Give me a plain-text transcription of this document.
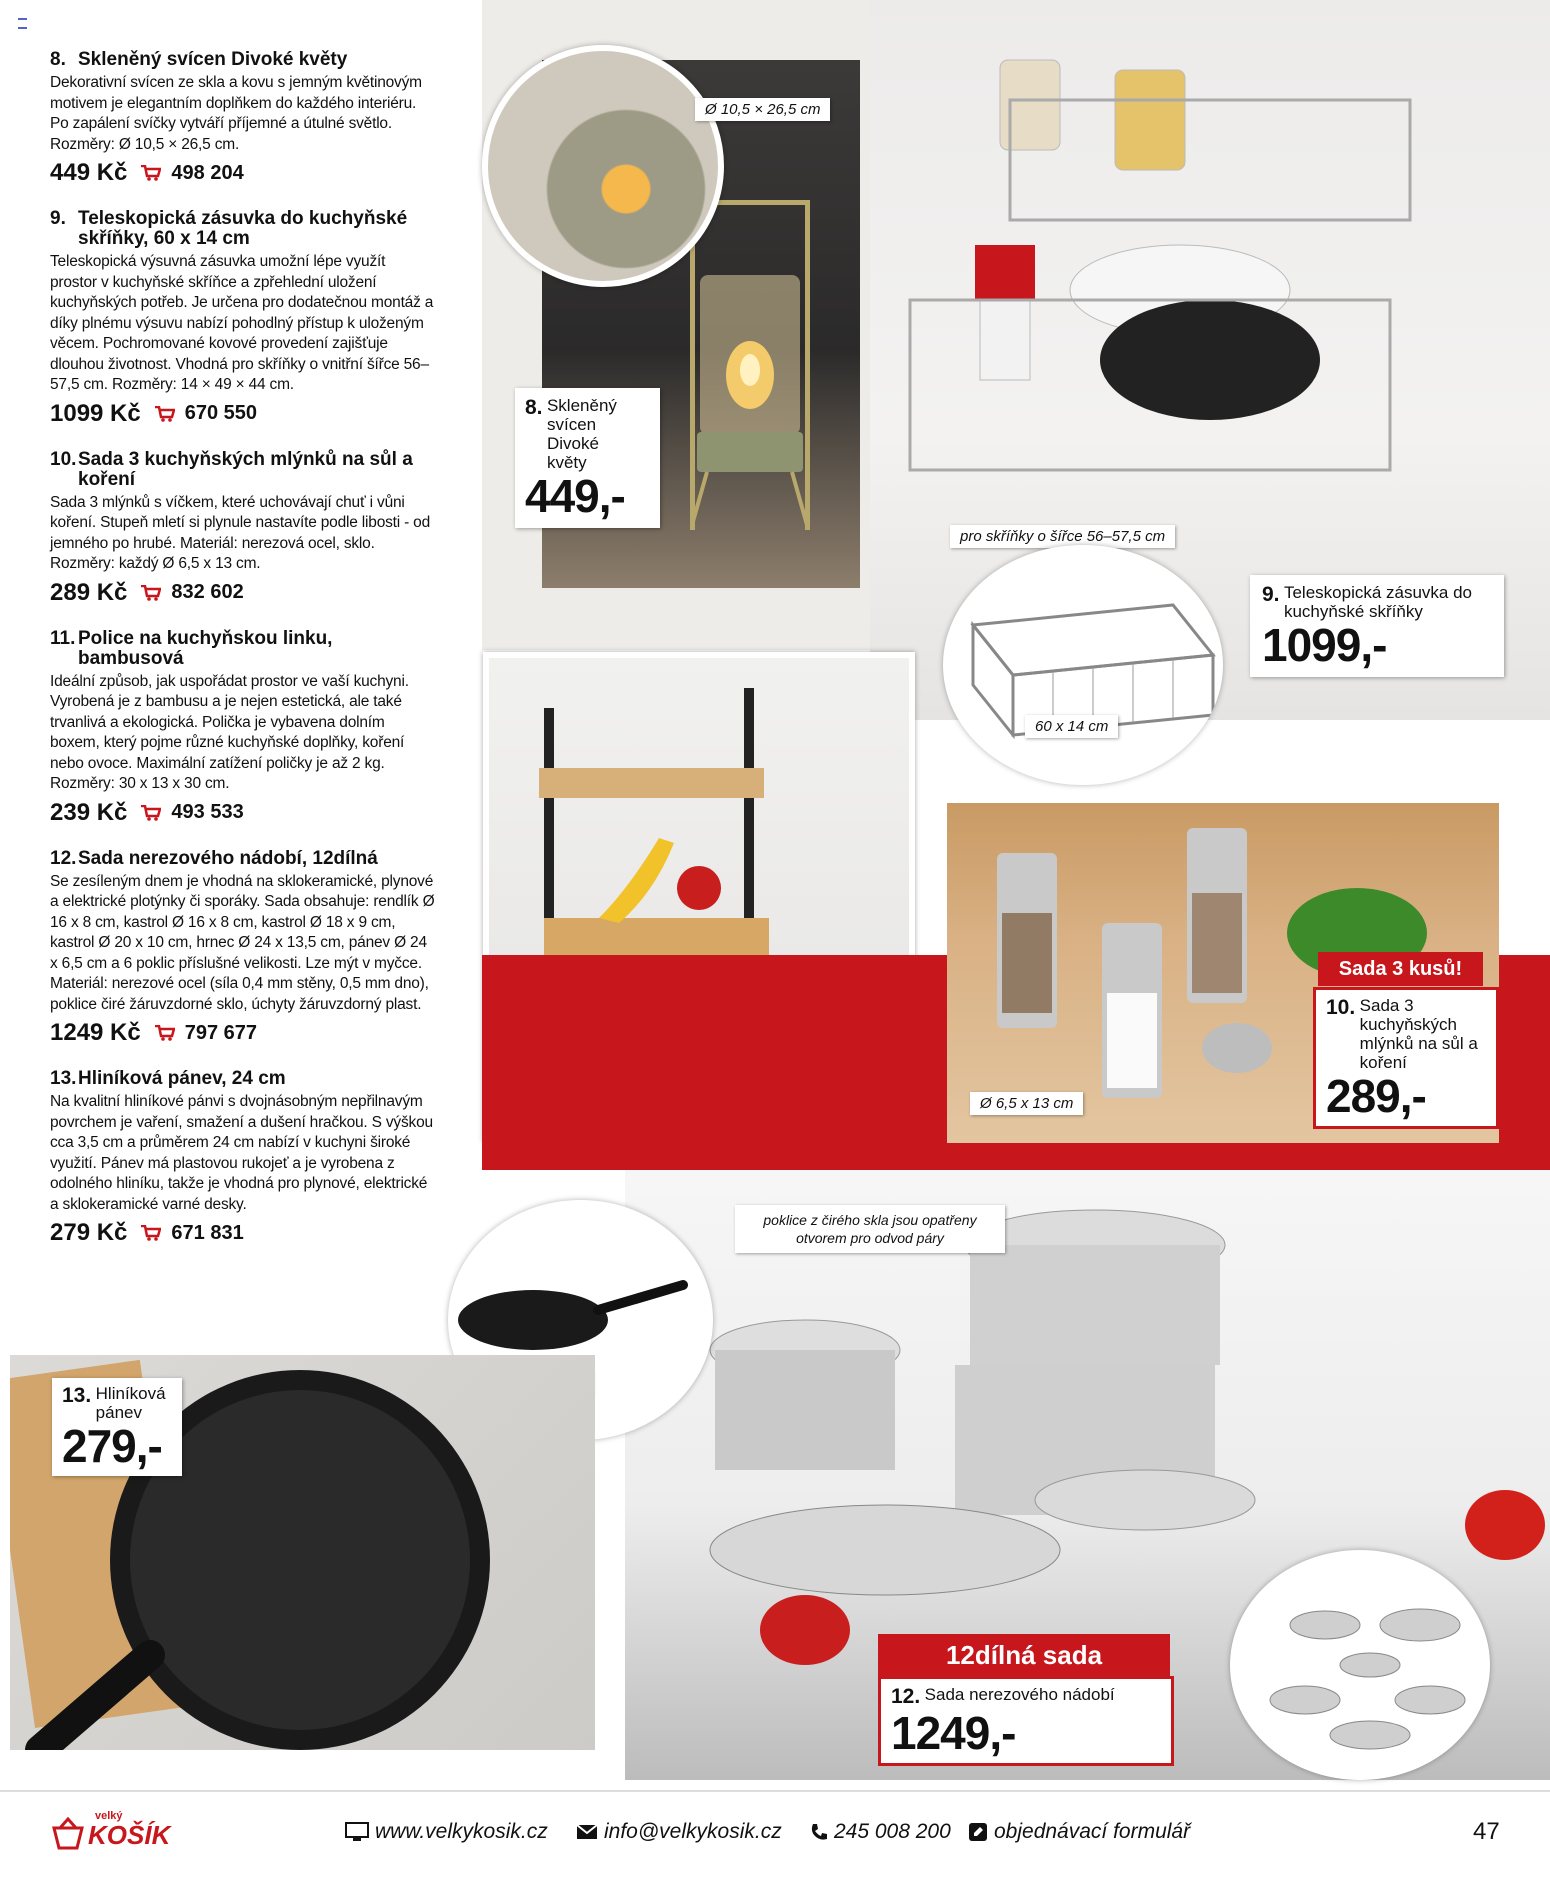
8. Skleněný svícen Divoké květy
Dekorativní svícen ze skla a kovu s jemným květinovým motivem je elegantním doplňkem do každého interiéru. Po zapálení svíčky vytváří příjemné a útulné světlo. Rozměry: Ø 10,5 × 26,5 cm.
449 Kč 498 204
9. Teleskopická zásuvka do kuchyňské skříňky, 60 x 14 cm
Teleskopická výsuvná zásuvka umožní lépe využít prostor v kuchyňské skříňce a zpřehlední uložení kuchyňských potřeb. Je určena pro dodatečnou montáž a díky plnému výsuvu nabízí pohodlný přístup k uloženým věcem. Pochromované kovové provedení zajišťuje dlouhou životnost. Vhodná pro skříňky o vnitřní šířce 56–57,5 cm. Rozměry: 14 × 49 × 44 cm.
1099 Kč 670 550
10. Sada 3 kuchyňských mlýnků na sůl a koření
Sada 3 mlýnků s víčkem, které uchovávají chuť i vůni koření. Stupeň mletí si plynule nastavíte podle libosti - od jemného po hrubé. Materiál: nerezová ocel, sklo. Rozměry: každý Ø 6,5 x 13 cm.
289 Kč 832 602
11. Police na kuchyňskou linku, bambusová
Ideální způsob, jak uspořádat prostor ve vaší kuchyni. Vyrobená je z bambusu a je nejen estetická, ale také trvanlivá a ekologická. Polička je vybavena dolním boxem, který pojme různé kuchyňské doplňky, koření nebo ovoce. Maximální zatížení poličky je až 2 kg. Rozměry: 30 x 13 x 30 cm.
239 Kč 493 533
12. Sada nerezového nádobí, 12dílná
Se zesíleným dnem je vhodná na sklokeramické, plynové a elektrické plotýnky či sporáky. Sada obsahuje: rendlík Ø 16 x 8 cm, kastrol Ø 16 x 8 cm, kastrol Ø 18 x 9 cm, kastrol Ø 20 x 10 cm, hrnec Ø 24 x 13,5 cm, pánev Ø 24 x 6,5 cm a 6 poklic příslušné velikosti. Lze mýt v myčce. Materiál: nerezové ocel (síla 0,4 mm stěny, 0,5 mm dno), poklice čiré žáruvzdorné sklo, úchyty žáruvzdorný plast.
1249 Kč 797 677
13. Hliníková pánev, 24 cm
Na kvalitní hliníkové pánvi s dvojnásobným nepřilnavým povrchem je vaření, smažení a dušení hračkou. S výškou cca 3,5 cm a průměrem 24 cm nabízí v kuchyni široké využití. Pánev má plastovou rukojeť a je vyrobena z odolného hliníku, takže je vhodná pro plynové, elektrické a sklokeramické varné desky.
279 Kč 671 831
Ø 10,5 × 26,5 cm
8.
Skleněný svícen Divoké květy
449,-
pro skříňky o šířce 56–57,5 cm
60 x 14 cm
9.
Teleskopická zásuvka do kuchyňské skříňky
1099,-

Sada 3 kusů!
10.
Sada 3 kuchyňských mlýnků na sůl a koření
289,-
Ø 6,5 x 13 cm
poklice z čirého skla jsou opatřeny otvorem pro odvod páry
12dílná sada
12.
Sada nerezového nádobí
1249,-
13.
Hliníková pánev
279,-
velký
KOŠÍK	www.velkykosik.cz	info@velkykosik.cz 245 008 200 objednávací formulář	47
